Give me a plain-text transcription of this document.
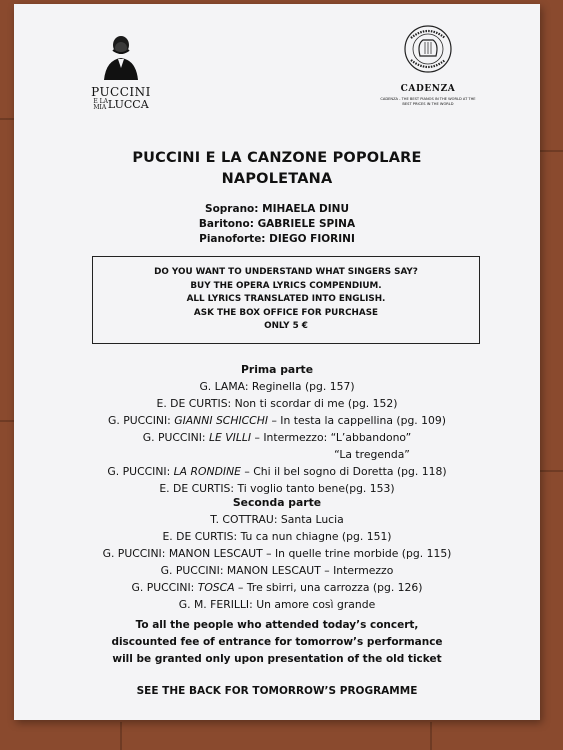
PUCCINI
E LA
MIA LUCCA
CADENZA
CADENZA - THE BEST PIANOS IN THE WORLD AT THE BEST PRICES IN THE WORLD
PUCCINI E LA CANZONE POPOLARE
NAPOLETANA
Soprano: MIHAELA DINU
Baritono: GABRIELE SPINA
Pianoforte: DIEGO FIORINI
DO YOU WANT TO UNDERSTAND WHAT SINGERS SAY?
BUY THE OPERA LYRICS COMPENDIUM.
ALL LYRICS TRANSLATED INTO ENGLISH.
ASK THE BOX OFFICE FOR PURCHASE
ONLY 5 €
Prima parte
G. LAMA: Reginella (pg. 157)
E. DE CURTIS: Non ti scordar di me (pg. 152)
G. PUCCINI: GIANNI SCHICCHI – In testa la cappellina (pg. 109)
G. PUCCINI: LE VILLI – Intermezzo: “L’abbandono”
“La tregenda”
G. PUCCINI: LA RONDINE – Chi il bel sogno di Doretta (pg. 118)
E. DE CURTIS: Ti voglio tanto bene(pg. 153)
Seconda parte
T. COTTRAU: Santa Lucia
E. DE CURTIS: Tu ca nun chiagne (pg. 151)
G. PUCCINI: MANON LESCAUT – In quelle trine morbide (pg. 115)
G. PUCCINI: MANON LESCAUT – Intermezzo
G. PUCCINI: TOSCA – Tre sbirri, una carrozza (pg. 126)
G. M. FERILLI: Un amore così grande
To all the people who attended today’s concert,
discounted fee of entrance for tomorrow’s performance
will be granted only upon presentation of the old ticket
SEE THE BACK FOR TOMORROW’S PROGRAMME
